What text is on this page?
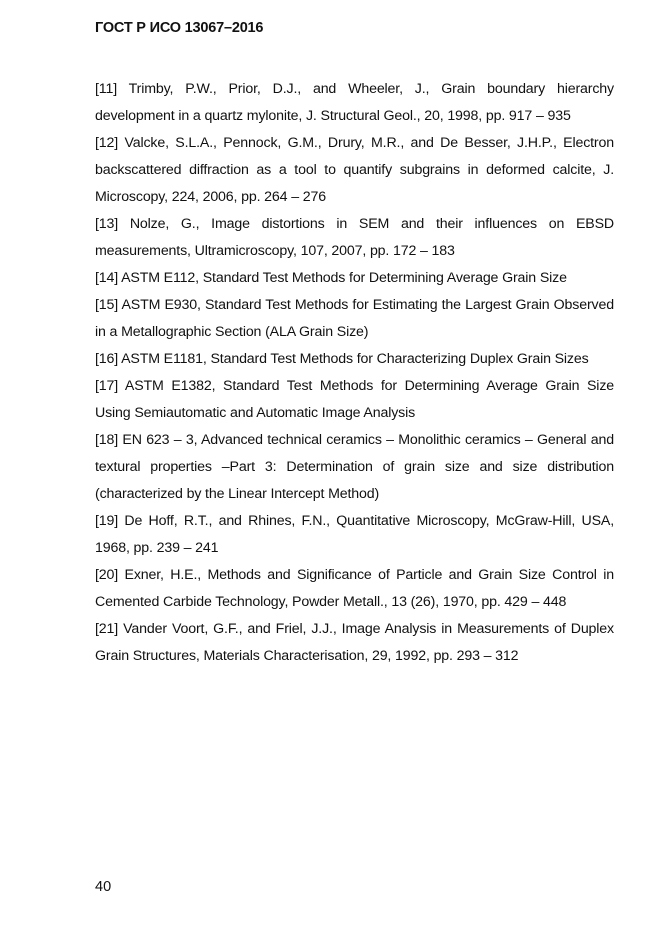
ГОСТ Р ИСО 13067–2016
[11] Trimby, P.W., Prior, D.J., and Wheeler, J., Grain boundary hierarchy development in a quartz mylonite, J. Structural Geol., 20, 1998, pp. 917 – 935
[12] Valcke, S.L.A., Pennock, G.M., Drury, M.R., and De Besser, J.H.P., Electron backscattered diffraction as a tool to quantify subgrains in deformed calcite, J. Microscopy, 224, 2006, pp. 264 – 276
[13] Nolze, G., Image distortions in SEM and their influences on EBSD measurements, Ultramicroscopy, 107, 2007, pp. 172 – 183
[14] ASTM E112, Standard Test Methods for Determining Average Grain Size
[15] ASTM E930, Standard Test Methods for Estimating the Largest Grain Observed in a Metallographic Section (ALA Grain Size)
[16] ASTM E1181, Standard Test Methods for Characterizing Duplex Grain Sizes
[17] ASTM E1382, Standard Test Methods for Determining Average Grain Size Using Semiautomatic and Automatic Image Analysis
[18] EN 623 – 3, Advanced technical ceramics – Monolithic ceramics – General and textural properties –Part 3: Determination of grain size and size distribution (characterized by the Linear Intercept Method)
[19] De Hoff, R.T., and Rhines, F.N., Quantitative Microscopy, McGraw-Hill, USA, 1968, pp. 239 – 241
[20] Exner, H.E., Methods and Significance of Particle and Grain Size Control in Cemented Carbide Technology, Powder Metall., 13 (26), 1970, pp. 429 – 448
[21] Vander Voort, G.F., and Friel, J.J., Image Analysis in Measurements of Duplex Grain Structures, Materials Characterisation, 29, 1992, pp. 293 – 312
40
